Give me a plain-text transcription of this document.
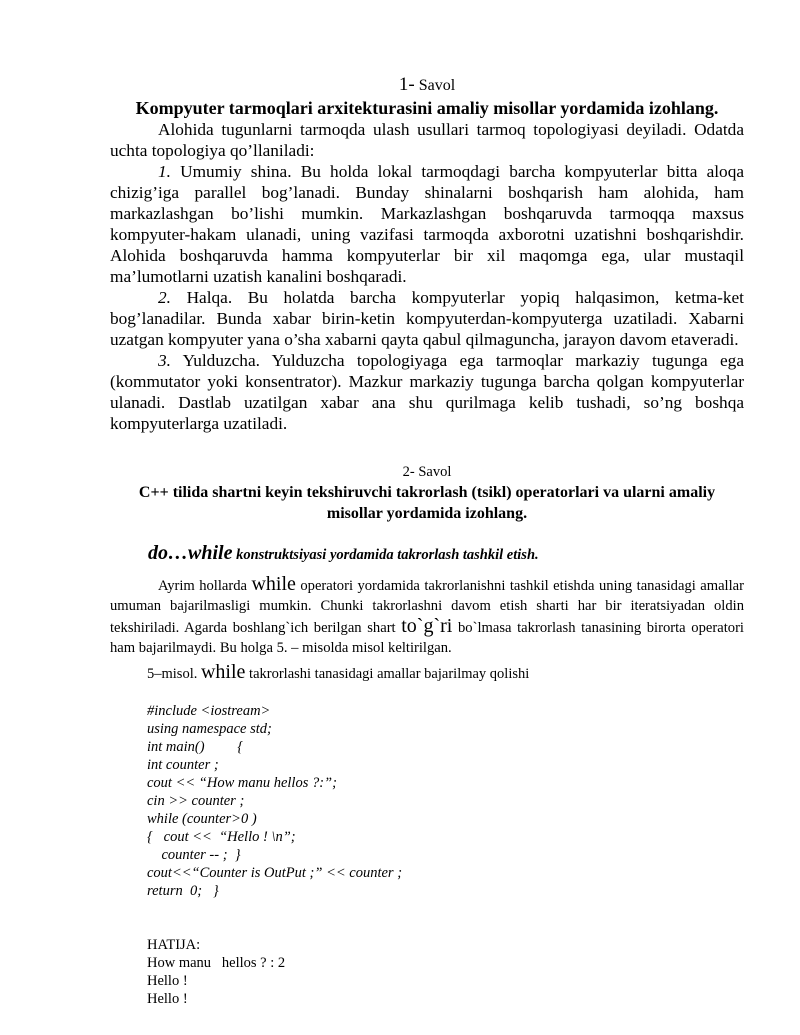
1- Savol
Kompyuter tarmoqlari arxitekturasini amaliy misollar yordamida izohlang.

Alohida tugunlarni tarmoqda ulash usullari tarmoq topologiyasi deyiladi. Odatda uchta topologiya qo’llaniladi:

1. Umumiy shina. Bu holda lokal tarmoqdagi barcha kompyuterlar bitta aloqa chizig’iga parallel bog’lanadi. Bunday shinalarni boshqarish ham alohida, ham markazlashgan bo’lishi mumkin. Markazlashgan boshqaruvda tarmoqqa maxsus kompyuter-hakam ulanadi, uning vazifasi tarmoqda axborotni uzatishni boshqarishdir. Alohida boshqaruvda hamma kompyuterlar bir xil maqomga ega, ular mustaqil ma’lumotlarni uzatish kanalini boshqaradi.

2. Halqa. Bu holatda barcha kompyuterlar yopiq halqasimon, ketma-ket bog’lanadilar. Bunda xabar birin-ketin kompyuterdan-kompyuterga uzatiladi. Xabarni uzatgan kompyuter yana o’sha xabarni qayta qabul qilmaguncha, jarayon davom etaveradi.

3. Yulduzcha. Yulduzcha topologiyaga ega tarmoqlar markaziy tugunga ega (kommutator yoki konsentrator). Mazkur markaziy tugunga barcha qolgan kompyuterlar ulanadi. Dastlab uzatilgan xabar ana shu qurilmaga kelib tushadi, so’ng boshqa kompyuterlarga uzatiladi.

2- Savol
C++ tilida shartni keyin tekshiruvchi takrorlash (tsikl) operatorlari va ularni amaliy misollar yordamida izohlang.
do…while konstruktsiyasi yordamida takrorlash tashkil etish.

Ayrim hollarda while operatori yordamida takrorlanishni tashkil etishda uning tanasidagi amallar umuman bajarilmasligi mumkin. Chunki takrorlashni davom etish sharti har bir iteratsiyadan oldin tekshiriladi. Agarda boshlang`ich berilgan shart to`g`ri bo`lmasa takrorlash tanasining birorta operatori ham bajarilmaydi. Bu holga 5. – misolda misol keltirilgan.

5–misol. while takrorlashi tanasidagi amallar bajarilmay qolishi

#include <iostream>
using namespace std;
int main()         {
int counter ;
cout << “How manu hellos ?:”;
cin >> counter ;
while (counter>0 )
{   cout <<  “Hello ! \n”;
counter -- ;  }
cout<<“Counter is OutPut ;” << counter ;
return  0;   }

HATIJA:
How manu   hellos ? : 2
Hello !
Hello !
